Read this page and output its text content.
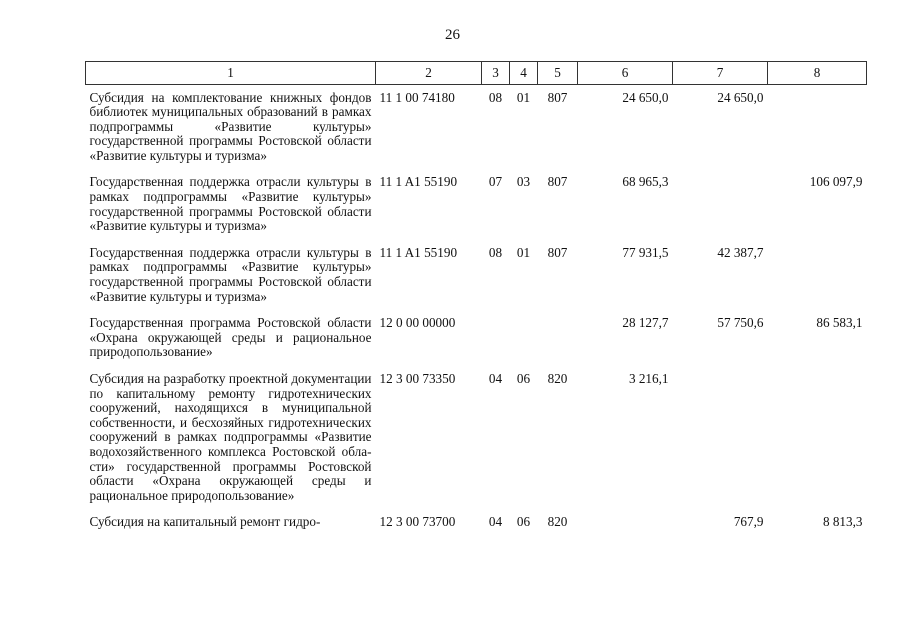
26
1	2	3	4	5	6	7	8

Субсидия на комплектование книжных фондов библиотек муниципальных образований в рамках подпрограммы «Развитие культуры» государственной программы Ростовской области «Развитие культуры и туризма»	11 1 00 74180	08	01	807	24 650,0	24 650,0	
Государственная поддержка отрасли культуры в рамках подпрограммы «Развитие культуры» государственной программы Ростовской области «Развитие культуры и туризма»	11 1 A1 55190	07	03	807	68 965,3		106 097,9
Государственная поддержка отрасли культуры в рамках подпрограммы «Развитие культуры» государственной программы Ростовской области «Развитие культуры и туризма»	11 1 A1 55190	08	01	807	77 931,5	42 387,7	
Государственная программа Ростовской области «Охрана окружающей среды и рациональное природопользование»	12 0 00 00000				28 127,7	57 750,6	86 583,1
Субсидия на разработку проектной документации по капитальному ремонту гидротехнических сооружений, находящихся в муниципальной собственности, и бесхозяйных гидротехнических сооружений в рамках подпрограммы «Развитие водохозяйственного комплекса Ростовской области» государственной программы Ростовской области «Охрана окружающей среды и рациональное природопользование»	12 3 00 73350	04	06	820	3 216,1		
Субсидия на капитальный ремонт гидро-	12 3 00 73700	04	06	820		767,9	8 813,3
